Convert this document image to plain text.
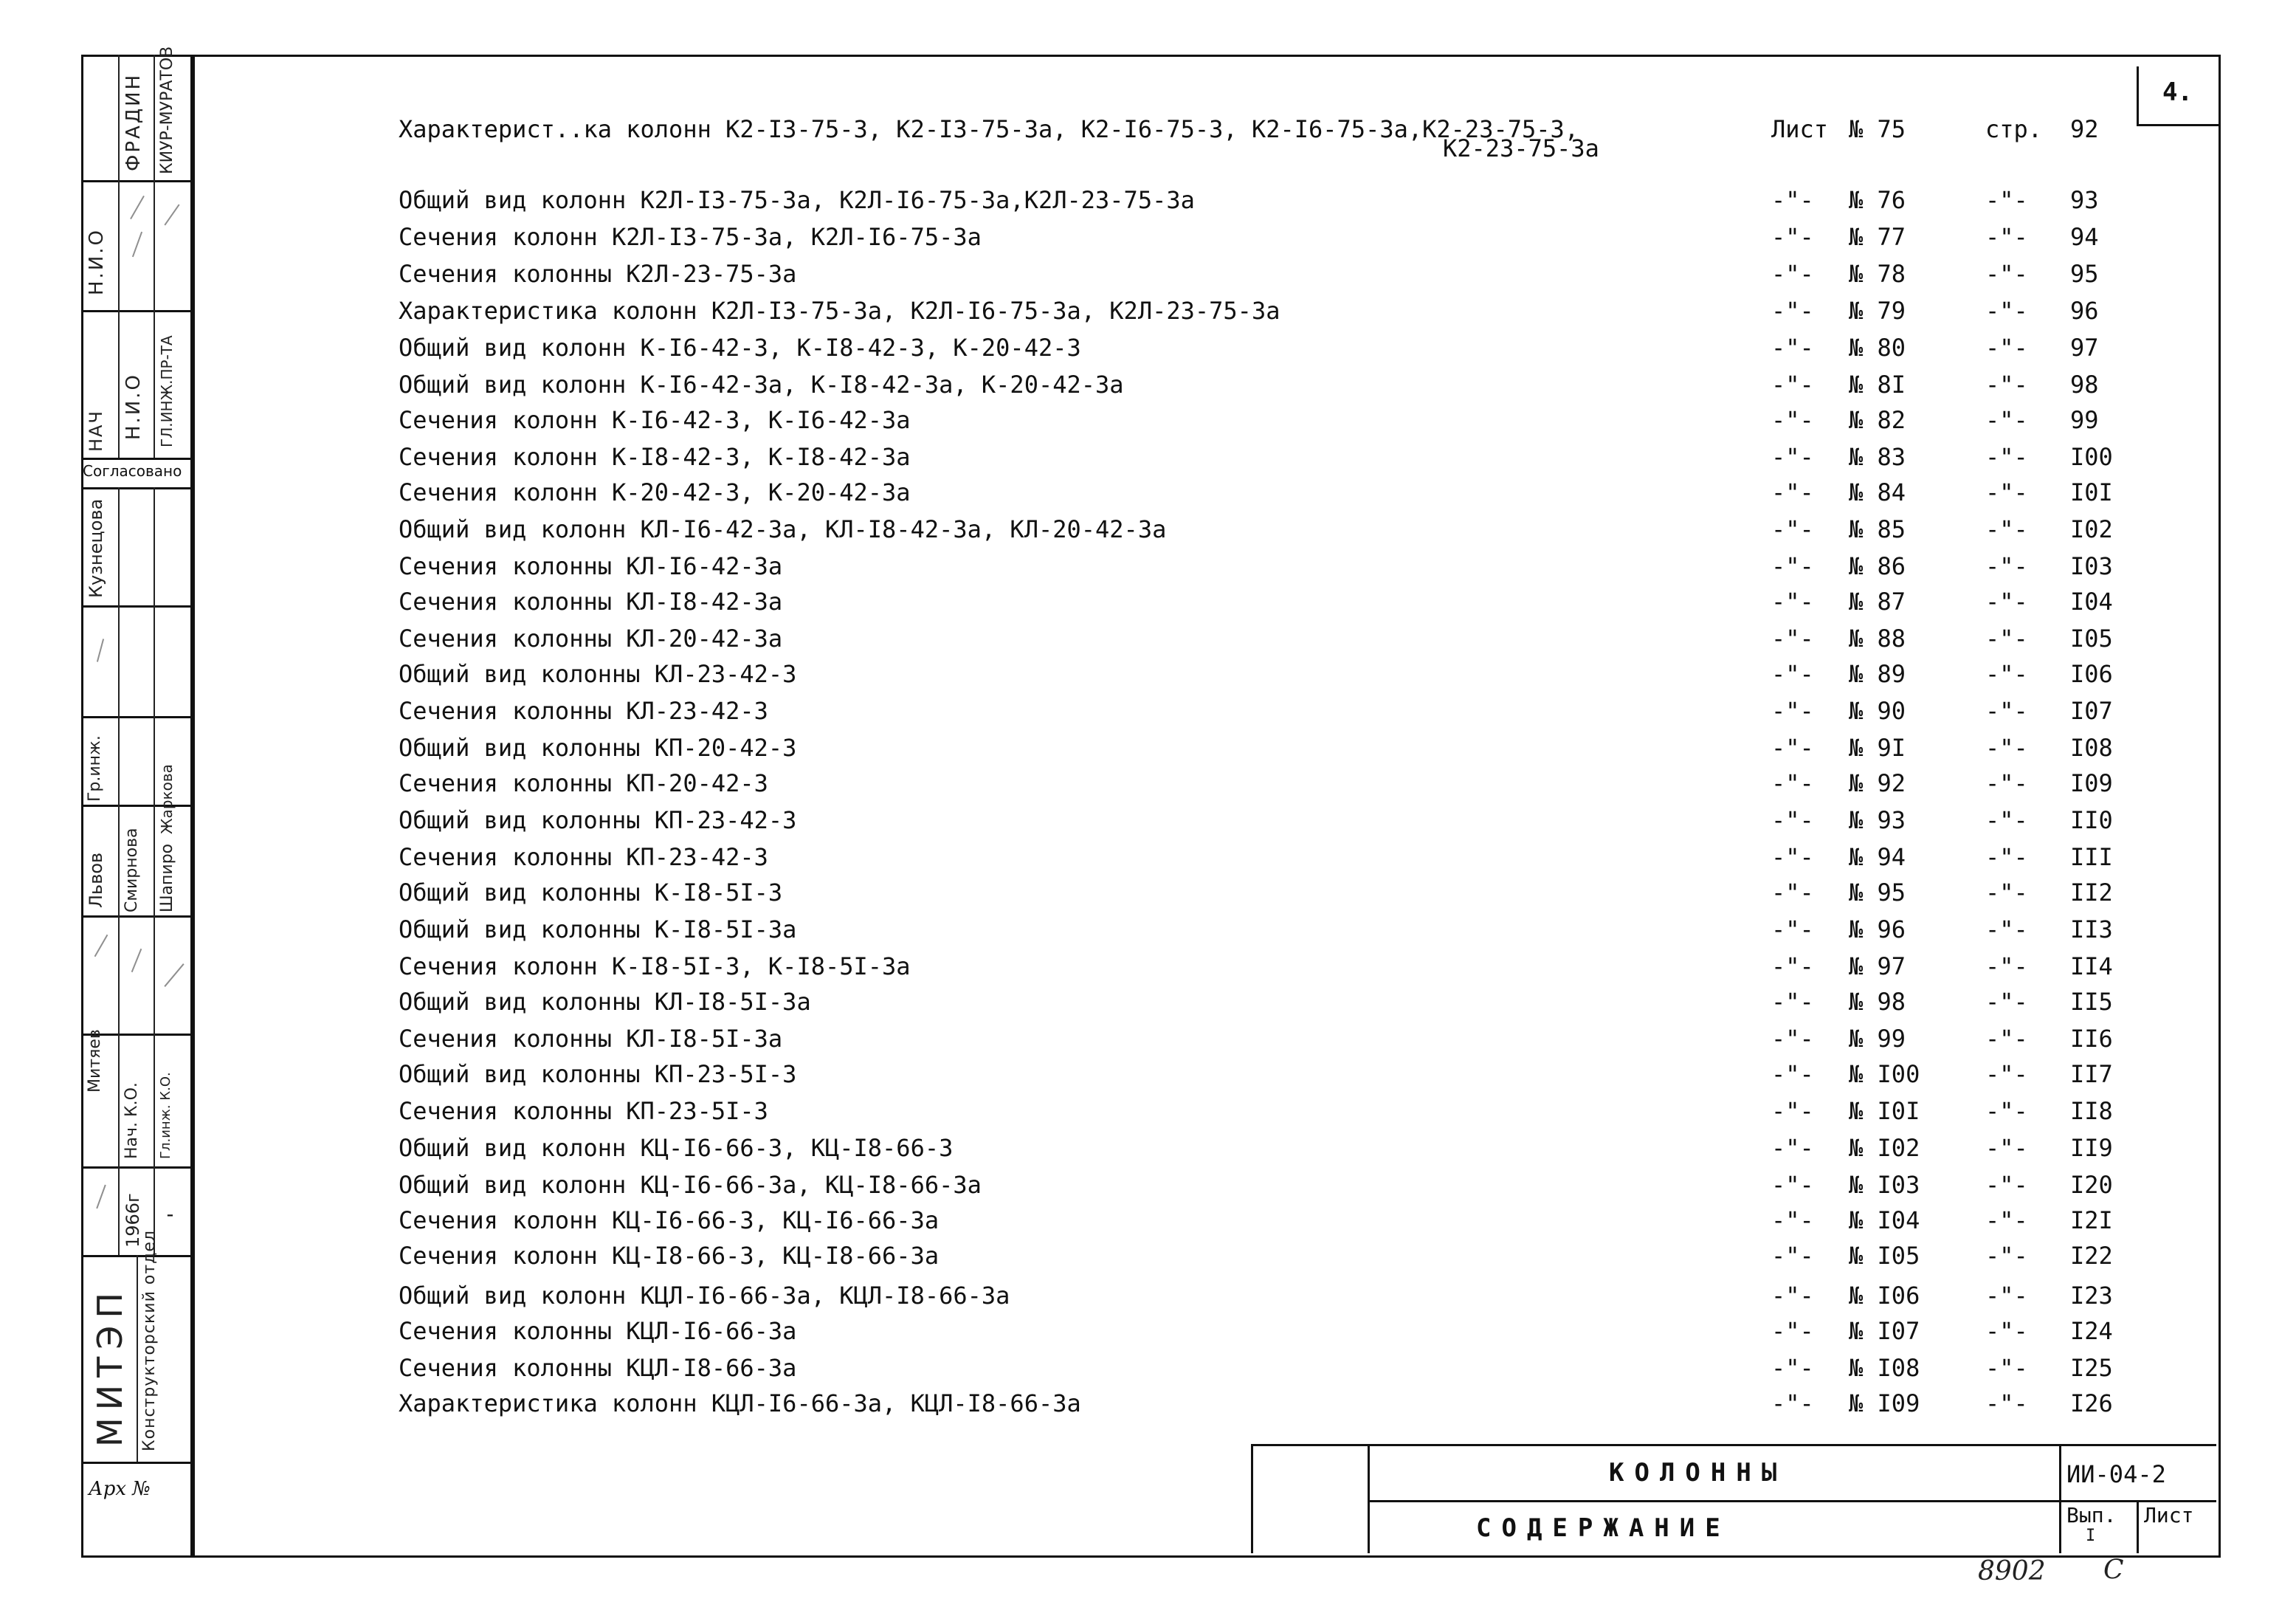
4.
ФРАДИН КИУР-МУРАТОВ
Н.И.О
Н.И.О
НАЧ	ГЛ.ИНЖ.ПР-ТА
Согласовано
Кузнецова
Гр.инж.
Львов Смирнова Шапиро
Жаркова
Митяев
Нач. К.О. Гл.инж. К.О.
1966г -
МИТЭП Конструкторский отдел
Арх №
Характерист..ка колонн К2-I3-75-3, К2-I3-75-3а, К2-I6-75-3, К2-I6-75-3а,К2-23-75-3,
К2-23-75-3а
Лист № 75	стр. 92
Общий вид колонн К2Л-I3-75-3а, К2Л-I6-75-3а,К2Л-23-75-3а	-"- № 76	-"- 93
Сечения колонн К2Л-I3-75-3а, К2Л-I6-75-3а	-"- № 77	-"- 94
Сечения колонны К2Л-23-75-3а	-"- № 78	-"- 95
Характеристика колонн К2Л-I3-75-3а, К2Л-I6-75-3а, К2Л-23-75-3а	-"- № 79	-"- 96
Общий вид колонн К-I6-42-3, К-I8-42-3, К-20-42-3	-"- № 80	-"- 97
Общий вид колонн К-I6-42-3а, К-I8-42-3а, К-20-42-3а	-"- № 8I	-"- 98
Сечения колонн К-I6-42-3, К-I6-42-3а	-"- № 82	-"- 99
Сечения колонн К-I8-42-3, К-I8-42-3а	-"- № 83	-"- I00
Сечения колонн К-20-42-3, К-20-42-3а	-"- № 84	-"- I0I
Общий вид колонн КЛ-I6-42-3а, КЛ-I8-42-3а, КЛ-20-42-3а	-"- № 85	-"- I02
Сечения колонны КЛ-I6-42-3а	-"- № 86	-"- I03
Сечения колонны КЛ-I8-42-3а	-"- № 87	-"- I04
Сечения колонны КЛ-20-42-3а	-"- № 88	-"- I05
Общий вид колонны КЛ-23-42-3	-"- № 89	-"- I06
Сечения колонны КЛ-23-42-3	-"- № 90	-"- I07
Общий вид колонны КП-20-42-3	-"- № 9I	-"- I08
Сечения колонны КП-20-42-3	-"- № 92	-"- I09
Общий вид колонны КП-23-42-3	-"- № 93	-"- II0
Сечения колонны КП-23-42-3	-"- № 94	-"- III
Общий вид колонны К-I8-5I-3	-"- № 95	-"- II2
Общий вид колонны К-I8-5I-3а	-"- № 96	-"- II3
Сечения колонн К-I8-5I-3, К-I8-5I-3а	-"- № 97	-"- II4
Общий вид колонны КЛ-I8-5I-3а	-"- № 98	-"- II5
Сечения колонны КЛ-I8-5I-3а	-"- № 99	-"- II6
Общий вид колонны КП-23-5I-3	-"- № I00	-"- II7
Сечения колонны КП-23-5I-3	-"- № I0I	-"- II8
Общий вид колонн КЦ-I6-66-3, КЦ-I8-66-3	-"- № I02	-"- II9
Общий вид колонн КЦ-I6-66-3а, КЦ-I8-66-3а	-"- № I03	-"- I20
Сечения колонн КЦ-I6-66-3, КЦ-I6-66-3а	-"- № I04	-"- I2I
Сечения колонн КЦ-I8-66-3, КЦ-I8-66-3а	-"- № I05	-"- I22
Общий вид колонн КЦЛ-I6-66-3а, КЦЛ-I8-66-3а	-"- № I06	-"- I23
Сечения колонны КЦЛ-I6-66-3а	-"- № I07	-"- I24
Сечения колонны КЦЛ-I8-66-3а	-"- № I08	-"- I25
Характеристика колонн КЦЛ-I6-66-3а, КЦЛ-I8-66-3а	-"- № I09	-"- I26
КОЛОННЫ
СОДЕРЖАНИЕ
ИИ-04-2
Вып.
I
Лист
8902 С
